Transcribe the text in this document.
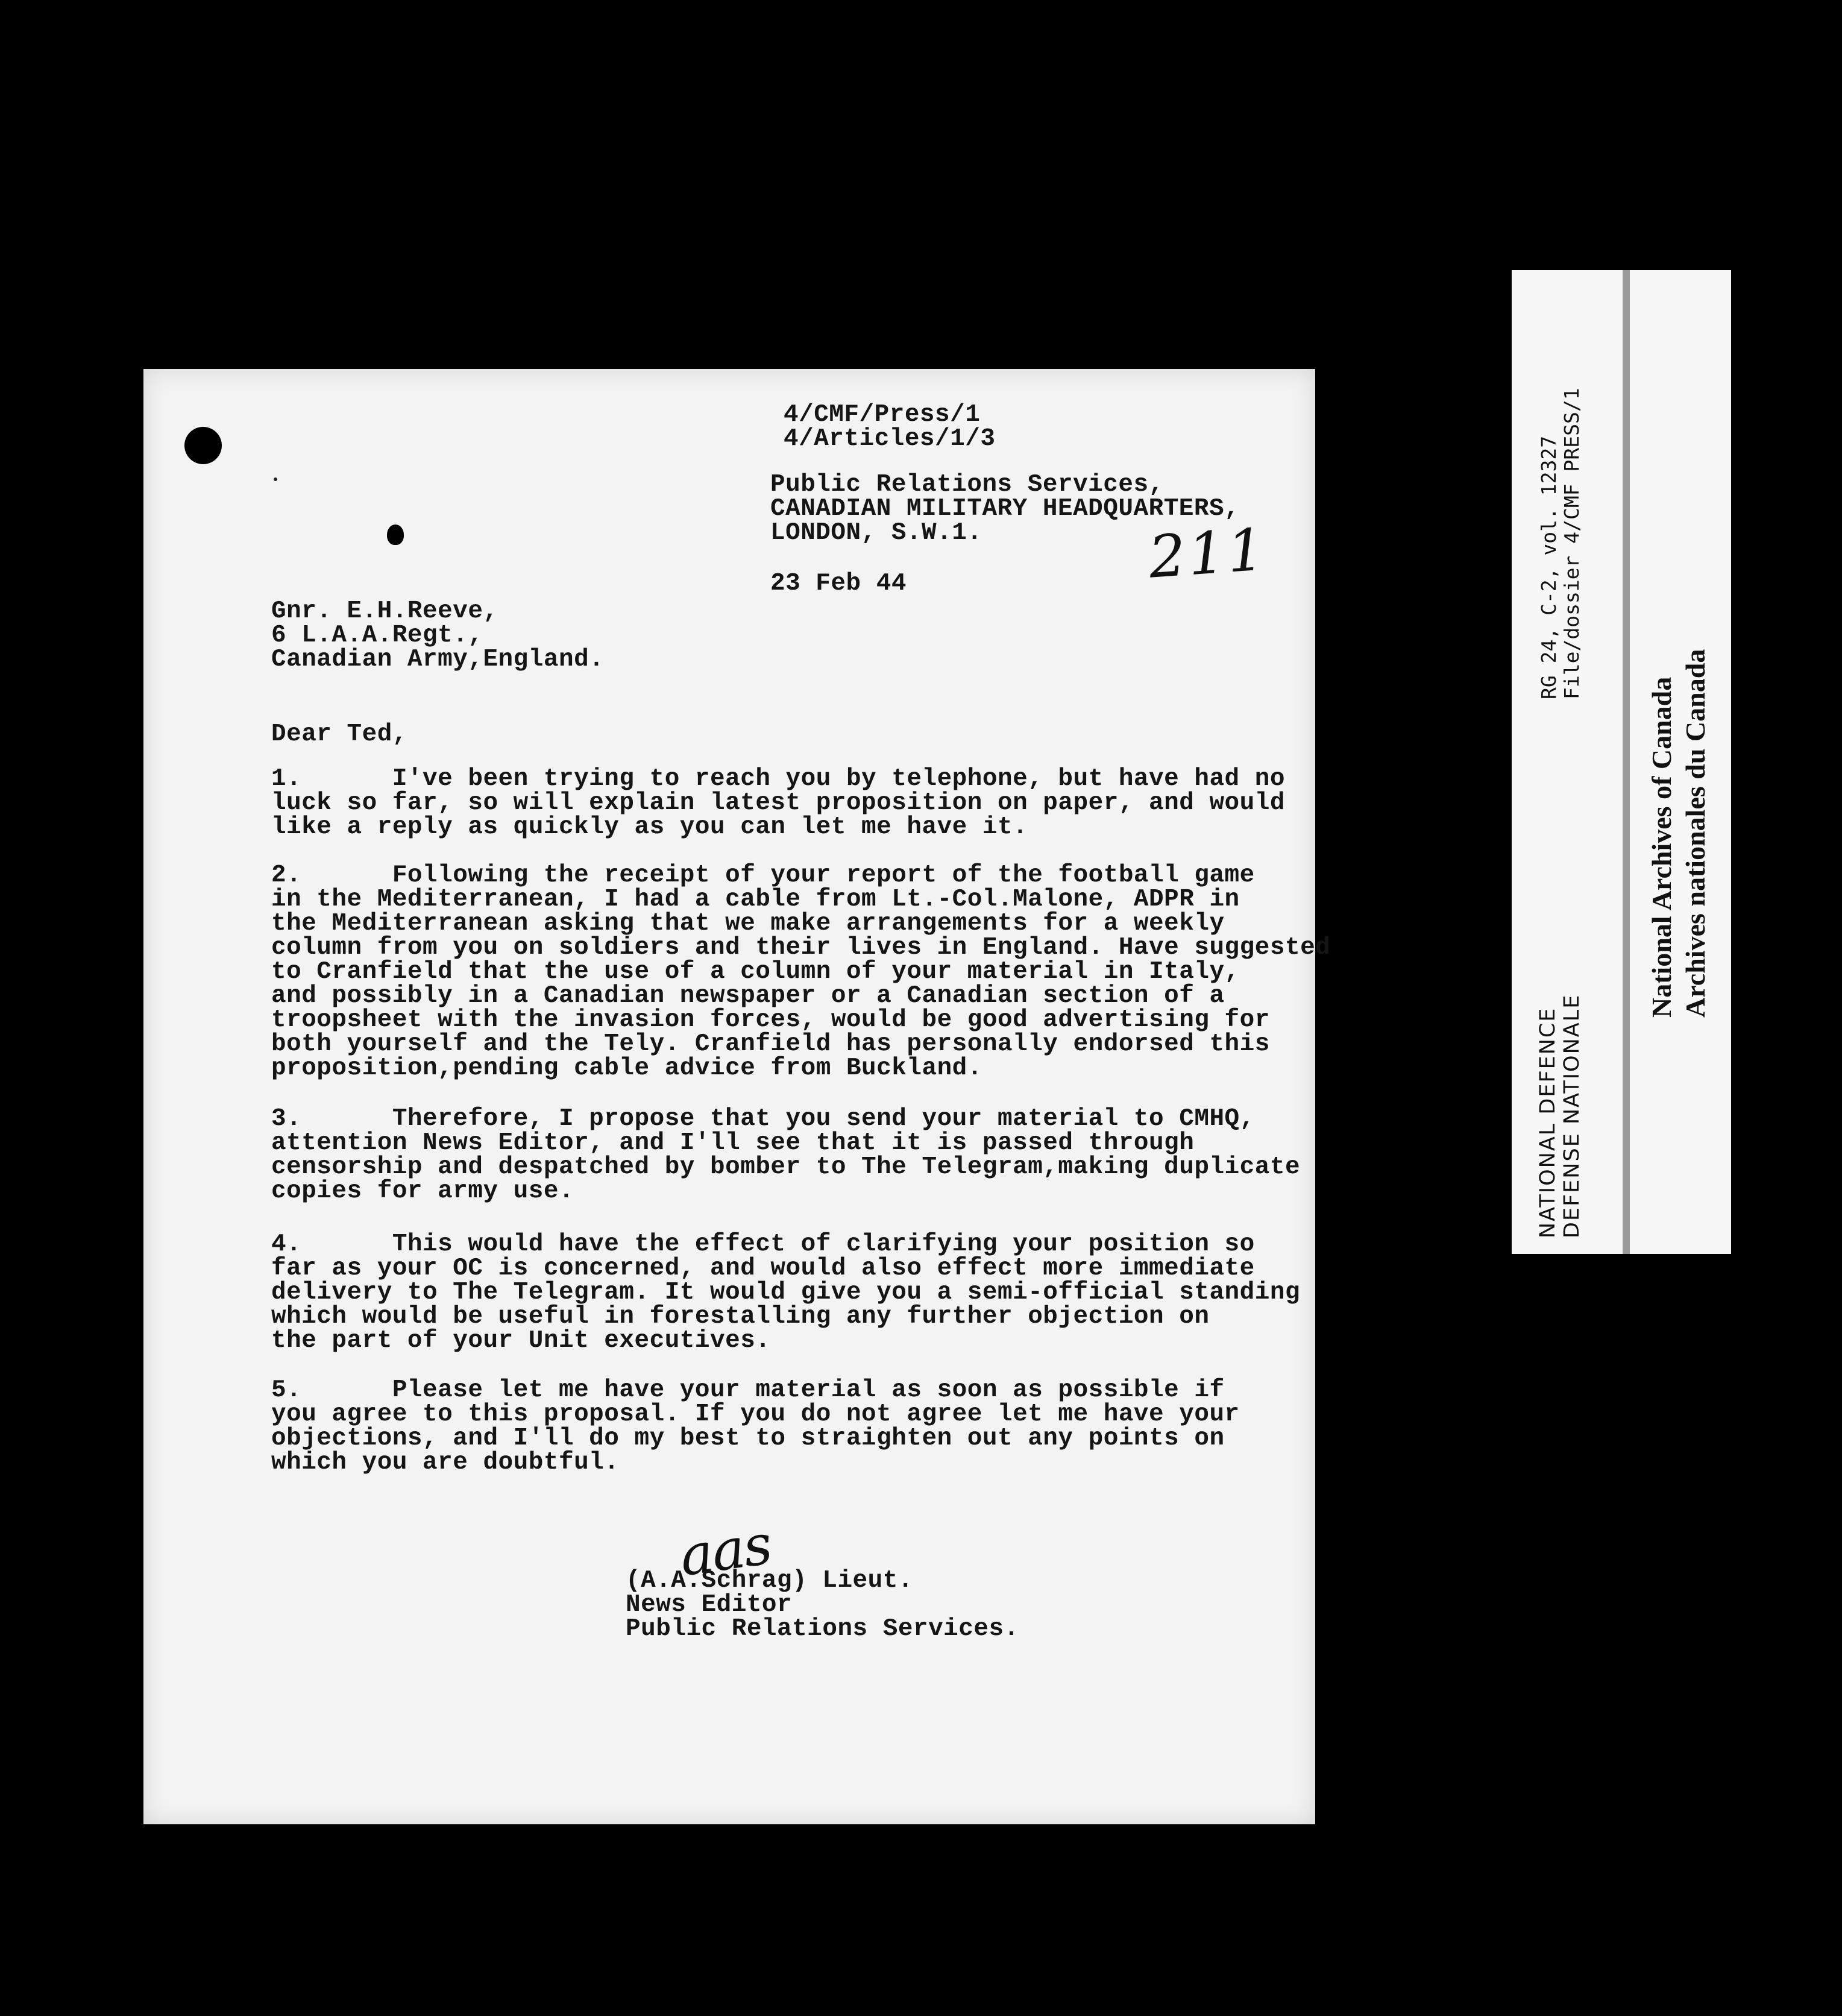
4/CMF/Press/1
4/Articles/1/3
Public Relations Services,
CANADIAN MILITARY HEADQUARTERS,
LONDON, S.W.1.	211
23 Feb 44
Gnr. E.H.Reeve,
6 L.A.A.Regt.,
Canadian Army,England.
Dear Ted,
1.      I've been trying to reach you by telephone, but have had no
luck so far, so will explain latest proposition on paper, and would
like a reply as quickly as you can let me have it.
2.      Following the receipt of your report of the football game
in the Mediterranean, I had a cable from Lt.-Col.Malone, ADPR in
the Mediterranean asking that we make arrangements for a weekly
column from you on soldiers and their lives in England. Have suggested
to Cranfield that the use of a column of your material in Italy,
and possibly in a Canadian newspaper or a Canadian section of a
troopsheet with the invasion forces, would be good advertising for
both yourself and the Tely. Cranfield has personally endorsed this
proposition,pending cable advice from Buckland.
3.      Therefore, I propose that you send your material to CMHQ,
attention News Editor, and I'll see that it is passed through
censorship and despatched by bomber to The Telegram,making duplicate
copies for army use.
4.      This would have the effect of clarifying your position so
far as your OC is concerned, and would also effect more immediate
delivery to The Telegram. It would give you a semi-official standing
which would be useful in forestalling any further objection on
the part of your Unit executives.
5.      Please let me have your material as soon as possible if
you agree to this proposal. If you do not agree let me have your
objections, and I'll do my best to straighten out any points on
which you are doubtful.
aas
(A.A.Schrag) Lieut.
News Editor
Public Relations Services.
NATIONAL DEFENCE DEFENSE NATIONALE
RG 24, C-2, vol. 12327 File/dossier 4/CMF PRESS/1
National Archives of Canada Archives nationales du Canada
